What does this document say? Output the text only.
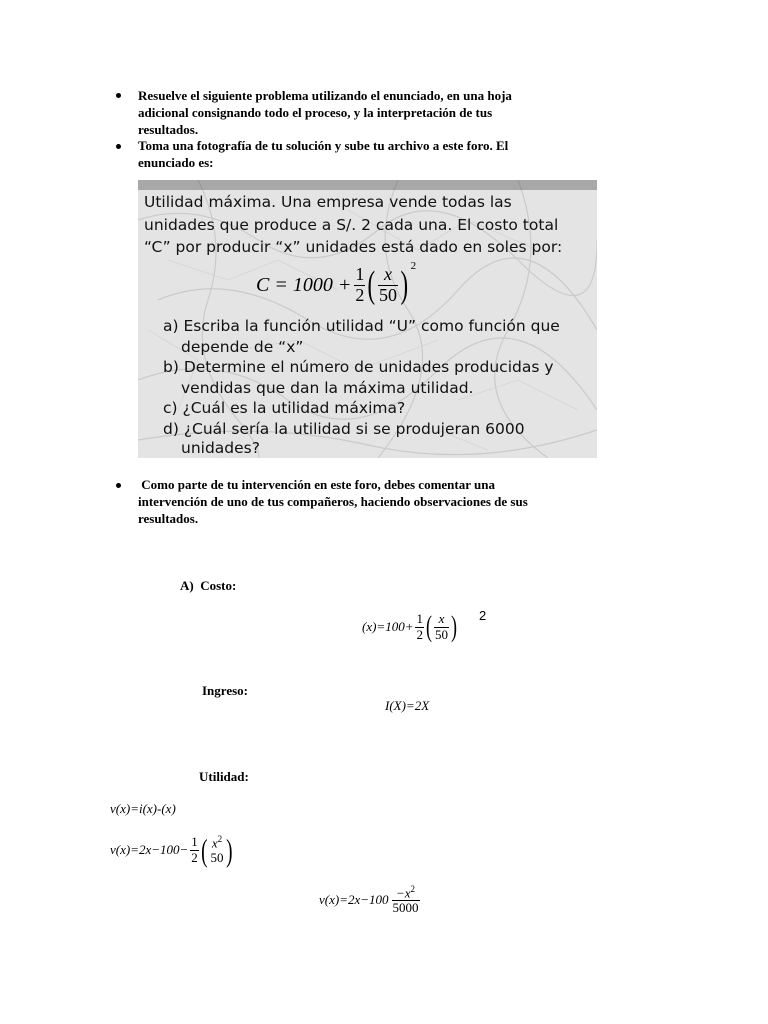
Resuelve el siguiente problema utilizando el enunciado, en una hoja
adicional consignando todo el proceso, y la interpretación de tus
resultados.
Toma una fotografía de tu solución y sube tu archivo a este foro. El
enunciado es:
Utilidad máxima. Una empresa vende todas las
unidades que produce a S/. 2 cada una. El costo total
“C” por producir “x” unidades está dado en soles por:
$C = 1000 + \frac{1}{2}$ ( $\frac{x}{50}$ ) 2
a) Escriba la función utilidad “U” como función que
depende de “x”
b) Determine el número de unidades producidas y
vendidas que dan la máxima utilidad.
c) ¿Cuál es la utilidad máxima?
d) ¿Cuál sería la utilidad si se produjeran 6000
unidades?
Como parte de tu intervención en este foro, debes comentar una
intervención de uno de tus compañeros, haciendo observaciones de sus
resultados.
A)  Costo:
$(x)=100+ \frac{1}{2}$ ( $\frac{x}{50}$ ) 2
Ingreso:
I(X)=2X
Utilidad:
v(x)=i(x)-(x)
$v(x)=2x-100- \frac{1}{2}$ ( $x^2$
50 )
$v(x)=2x-100 \frac{-x^2}{5000}$
